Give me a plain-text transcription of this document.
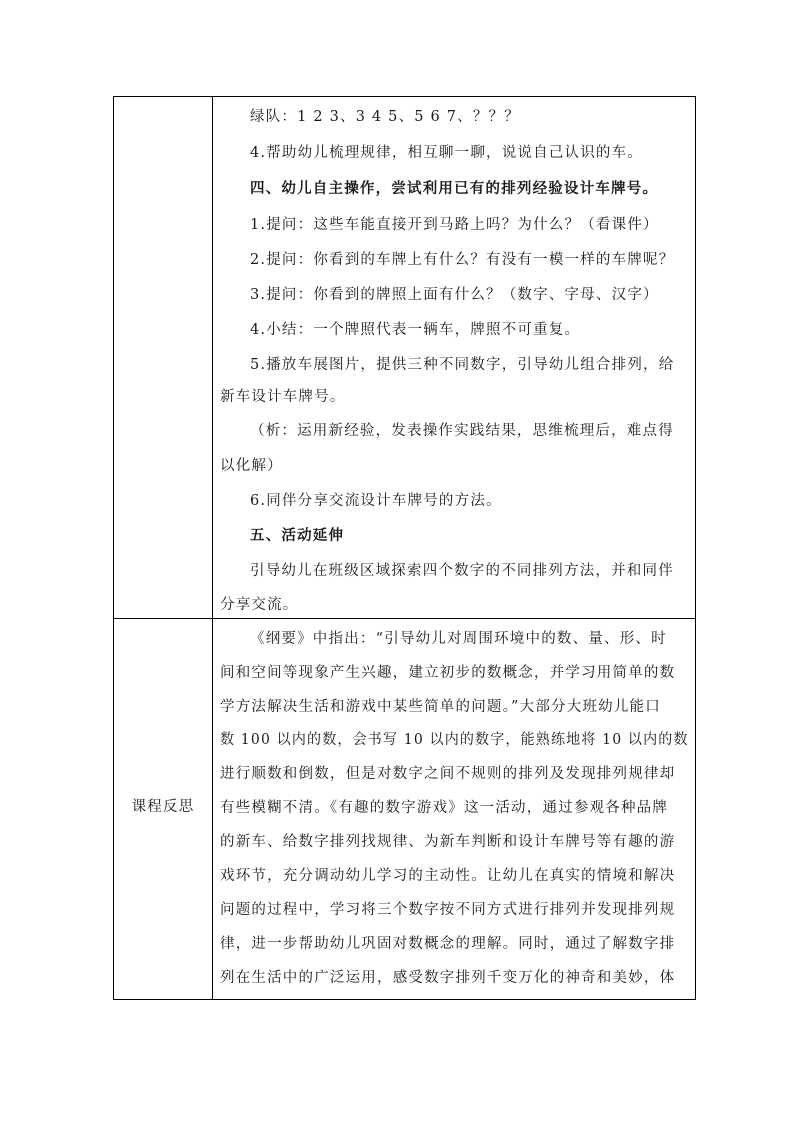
绿队：1 2 3、3 4 5、5 6 7、？？？
4.帮助幼儿梳理规律，相互聊一聊，说说自己认识的车。
四、幼儿自主操作，尝试利用已有的排列经验设计车牌号。
1.提问：这些车能直接开到马路上吗？为什么？（看课件）
2.提问：你看到的车牌上有什么？有没有一模一样的车牌呢？
3.提问：你看到的牌照上面有什么？（数字、字母、汉字）
4.小结：一个牌照代表一辆车，牌照不可重复。
5.播放车展图片，提供三种不同数字，引导幼儿组合排列，给
新车设计车牌号。
（析：运用新经验，发表操作实践结果，思维梳理后，难点得
以化解）
6.同伴分享交流设计车牌号的方法。
五、活动延伸
引导幼儿在班级区域探索四个数字的不同排列方法，并和同伴
分享交流。
课程反思
《纲要》中指出：“引导幼儿对周围环境中的数、量、形、时
间和空间等现象产生兴趣，建立初步的数概念，并学习用简单的数
学方法解决生活和游戏中某些简单的问题。”大部分大班幼儿能口
数 100 以内的数，会书写 10 以内的数字，能熟练地将 10 以内的数
进行顺数和倒数，但是对数字之间不规则的排列及发现排列规律却
有些模糊不清。《有趣的数字游戏》这一活动，通过参观各种品牌
的新车、给数字排列找规律、为新车判断和设计车牌号等有趣的游
戏环节，充分调动幼儿学习的主动性。让幼儿在真实的情境和解决
问题的过程中，学习将三个数字按不同方式进行排列并发现排列规
律，进一步帮助幼儿巩固对数概念的理解。同时，通过了解数字排
列在生活中的广泛运用，感受数字排列千变万化的神奇和美妙，体
